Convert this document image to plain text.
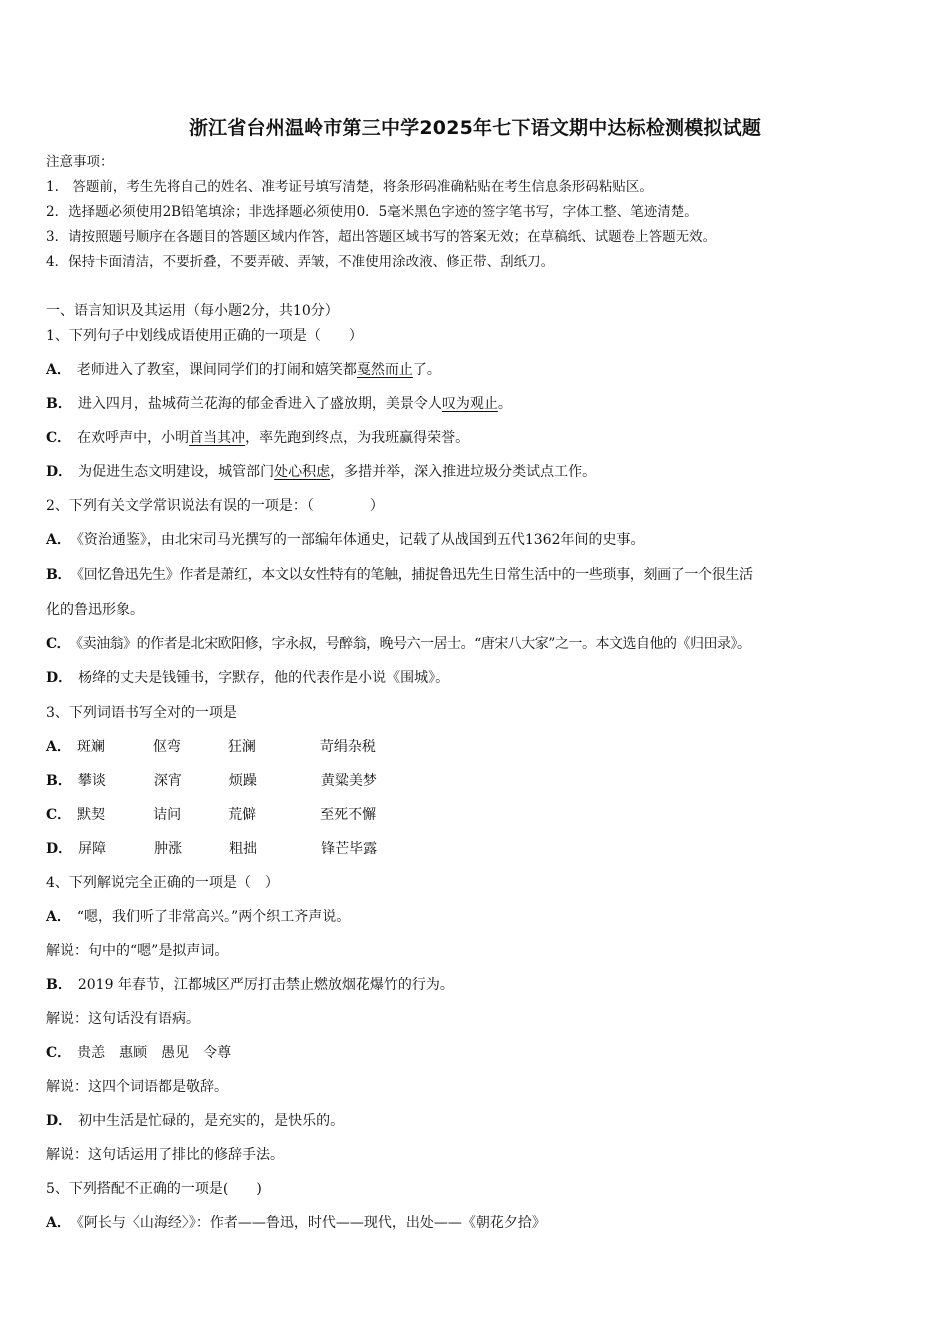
浙江省台州温岭市第三中学2025年七下语文期中达标检测模拟试题
注意事项：
1.　答题前，考生先将自己的姓名、准考证号填写清楚，将条形码准确粘贴在考生信息条形码粘贴区。
2．选择题必须使用2B铅笔填涂；非选择题必须使用0．5毫米黑色字迹的签字笔书写，字体工整、笔迹清楚。
3．请按照题号顺序在各题目的答题区域内作答，超出答题区域书写的答案无效；在草稿纸、试题卷上答题无效。
4．保持卡面清洁，不要折叠，不要弄破、弄皱，不准使用涂改液、修正带、刮纸刀。
一、语言知识及其运用（每小题2分，共10分）
1、下列句子中划线成语使用正确的一项是（　　）
A． 老师进入了教室，课间同学们的打闹和嬉笑都戛然而止了。
B． 进入四月，盐城荷兰花海的郁金香进入了盛放期，美景令人叹为观止。
C． 在欢呼声中，小明首当其冲，率先跑到终点，为我班赢得荣誉。
D． 为促进生态文明建设，城管部门处心积虑，多措并举，深入推进垃圾分类试点工作。
2、下列有关文学常识说法有误的一项是：（　　　　）
A． 《资治通鉴》，由北宋司马光撰写的一部编年体通史，记载了从战国到五代1362年间的史事。
B． 《回忆鲁迅先生》作者是萧红，本文以女性特有的笔触，捕捉鲁迅先生日常生活中的一些琐事，刻画了一个很生活
化的鲁迅形象。
C． 《卖油翁》的作者是北宋欧阳修，字永叔，号醉翁，晚号六一居士。“唐宋八大家”之一。本文选自他的《归田录》。
D． 杨绛的丈夫是钱锺书，字默存，他的代表作是小说《围城》。
3、下列词语书写全对的一项是
A． 斑斓	伛弯	狂澜	苛绢杂税
B． 攀谈	深宵	烦躁	黄粱美梦
C． 默契	诘问	荒僻	至死不懈
D． 屏障	肿涨	粗拙	锋芒毕露
4、下列解说完全正确的一项是（　）
A． “嗯，我们听了非常高兴。”两个织工齐声说。
解说：句中的“嗯”是拟声词。
B． 2019 年春节，江都城区严厉打击禁止燃放烟花爆竹的行为。
解说：这句话没有语病。
C． 贵恙　惠顾　愚见　令尊
解说：这四个词语都是敬辞。
D． 初中生活是忙碌的，是充实的，是快乐的。
解说：这句话运用了排比的修辞手法。
5、下列搭配不正确的一项是(　　)
A． 《阿长与〈山海经〉》：作者——鲁迅，时代——现代，出处——《朝花夕拾》
